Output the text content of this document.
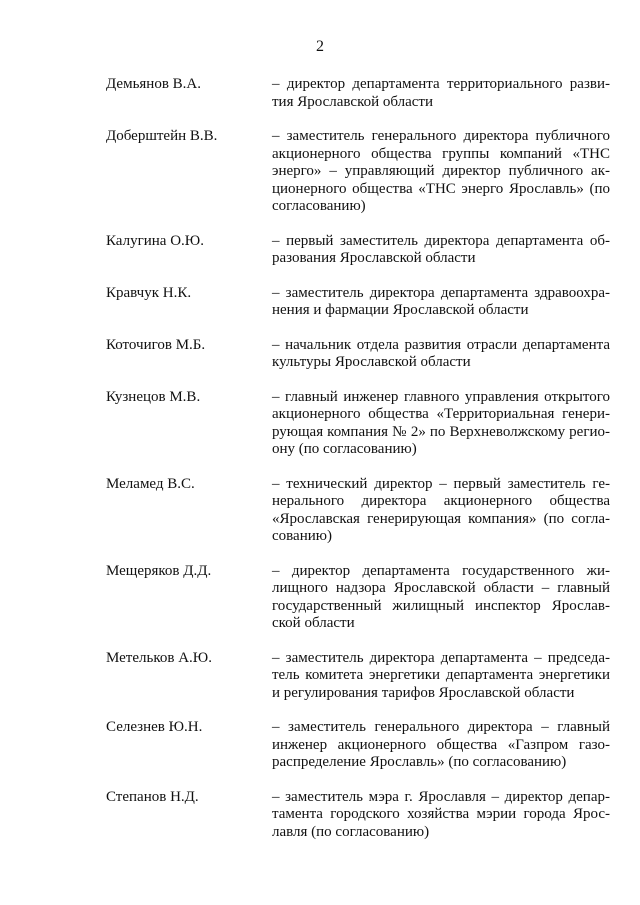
2
Демьянов В.А.	– директор департамента территориального разви-
тия Ярославской области
Доберштейн В.В.	– заместитель генерального директора публичного
акционерного общества группы компаний «ТНС
энерго» – управляющий директор публичного ак-
ционерного общества «ТНС энерго Ярославль» (по
согласованию)
Калугина О.Ю.	– первый заместитель директора департамента об-
разования Ярославской области
Кравчук Н.К.	– заместитель директора департамента здравоохра-
нения и фармации Ярославской области
Коточигов М.Б.	– начальник отдела развития отрасли департамента
культуры Ярославской области
Кузнецов М.В.	– главный инженер главного управления открытого
акционерного общества «Территориальная генери-
рующая компания № 2» по Верхневолжскому регио-
ону (по согласованию)
Меламед В.С.	– технический директор – первый заместитель ге-
нерального директора акционерного общества
«Ярославская генерирующая компания» (по согла-
сованию)
Мещеряков Д.Д.	– директор департамента государственного жи-
лищного надзора Ярославской области – главный
государственный жилищный инспектор Ярослав-
ской области
Метельков А.Ю.	– заместитель директора департамента – председа-
тель комитета энергетики департамента энергетики
и регулирования тарифов Ярославской области
Селезнев Ю.Н.	– заместитель генерального директора – главный
инженер акционерного общества «Газпром газо-
распределение Ярославль» (по согласованию)
Степанов Н.Д.	– заместитель мэра г. Ярославля – директор депар-
тамента городского хозяйства мэрии города Ярос-
лавля (по согласованию)
